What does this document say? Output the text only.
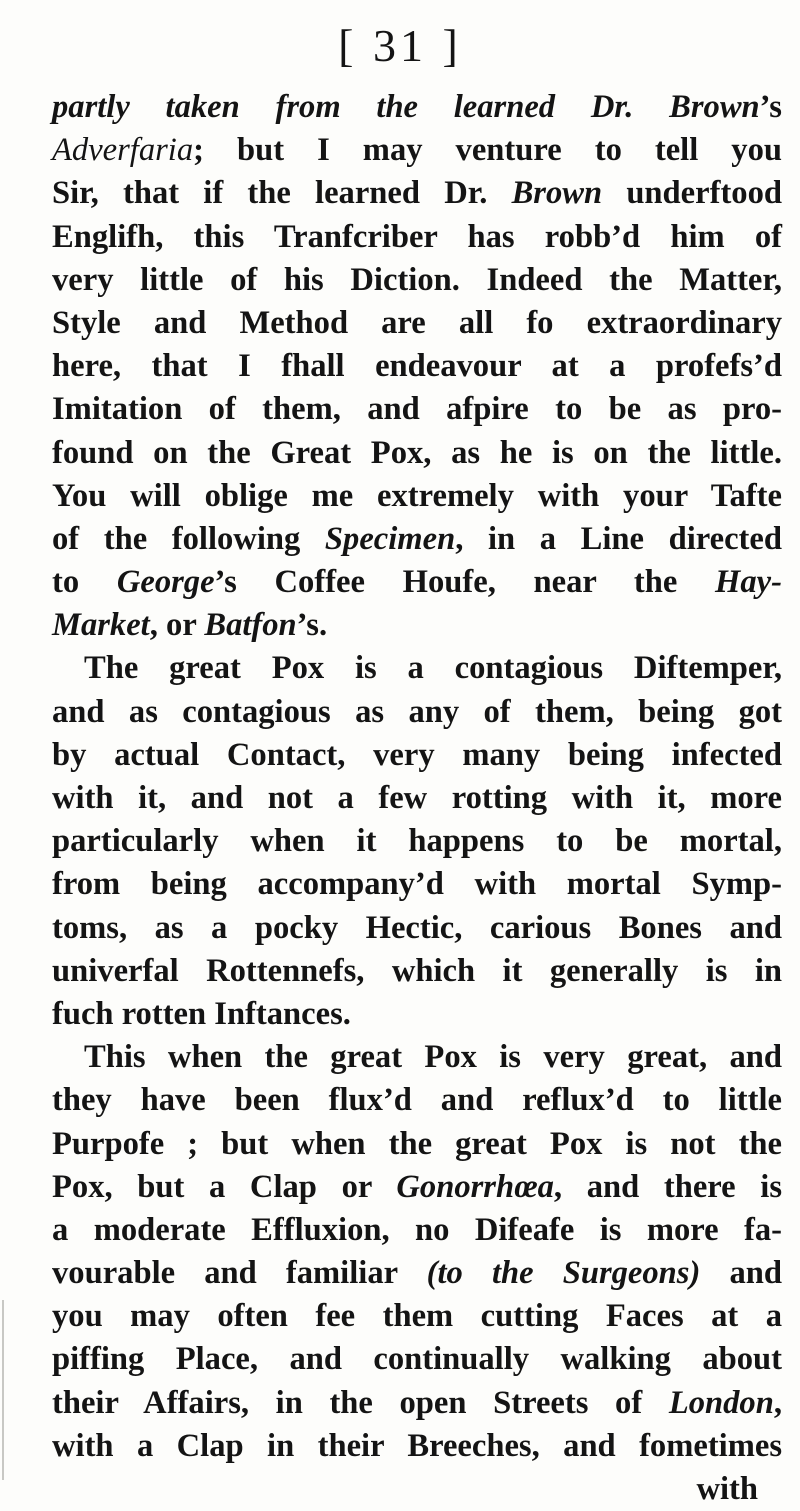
[ 31 ]
partly taken from the learned Dr. Brown’s
Adverfaria; but I may venture to tell you
Sir, that if the learned Dr. Brown underftood
Englifh, this Tranfcriber has robb’d him of
very little of his Diction. Indeed the Matter,
Style and Method are all fo extraordinary
here, that I fhall endeavour at a profefs’d
Imitation of them, and afpire to be as pro-
found on the Great Pox, as he is on the little.
You will oblige me extremely with your Tafte
of the following Specimen, in a Line directed
to George’s Coffee Houfe, near the Hay-
Market, or Batfon’s.
The great Pox is a contagious Diftemper,
and as contagious as any of them, being got
by actual Contact, very many being infected
with it, and not a few rotting with it, more
particularly when it happens to be mortal,
from being accompany’d with mortal Symp-
toms, as a pocky Hectic, carious Bones and
univerfal Rottennefs, which it generally is in
fuch rotten Inftances.
This when the great Pox is very great, and
they have been flux’d and reflux’d to little
Purpofe ; but when the great Pox is not the
Pox, but a Clap or Gonorrhœa, and there is
a moderate Effluxion, no Difeafe is more fa-
vourable and familiar (to the Surgeons) and
you may often fee them cutting Faces at a
piffing Place, and continually walking about
their Affairs, in the open Streets of London,
with a Clap in their Breeches, and fometimes
with
